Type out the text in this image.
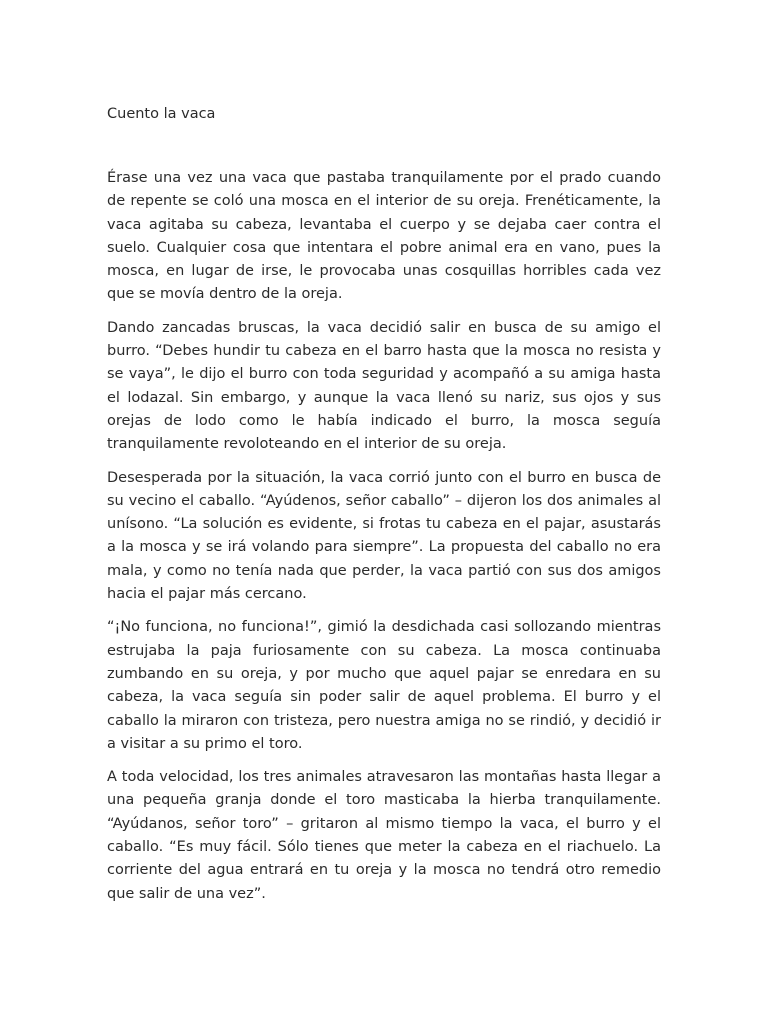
Cuento la vaca

Érase una vez una vaca que pastaba tranquilamente por el prado cuando de repente se coló una mosca en el interior de su oreja. Frenéticamente, la vaca agitaba su cabeza, levantaba el cuerpo y se dejaba caer contra el suelo. Cualquier cosa que intentara el pobre animal era en vano, pues la mosca, en lugar de irse, le provocaba unas cosquillas horribles cada vez que se movía dentro de la oreja.

Dando zancadas bruscas, la vaca decidió salir en busca de su amigo el burro. “Debes hundir tu cabeza en el barro hasta que la mosca no resista y se vaya”, le dijo el burro con toda seguridad y acompañó a su amiga hasta el lodazal. Sin embargo, y aunque la vaca llenó su nariz, sus ojos y sus orejas de lodo como le había indicado el burro, la mosca seguía tranquilamente revoloteando en el interior de su oreja.

Desesperada por la situación, la vaca corrió junto con el burro en busca de su vecino el caballo. “Ayúdenos, señor caballo” – dijeron los dos animales al unísono. “La solución es evidente, si frotas tu cabeza en el pajar, asustarás a la mosca y se irá volando para siempre”. La propuesta del caballo no era mala, y como no tenía nada que perder, la vaca partió con sus dos amigos hacia el pajar más cercano.

“¡No funciona, no funciona!”, gimió la desdichada casi sollozando mientras estrujaba la paja furiosamente con su cabeza. La mosca continuaba zumbando en su oreja, y por mucho que aquel pajar se enredara en su cabeza, la vaca seguía sin poder salir de aquel problema. El burro y el caballo la miraron con tristeza, pero nuestra amiga no se rindió, y decidió ir a visitar a su primo el toro.

A toda velocidad, los tres animales atravesaron las montañas hasta llegar a una pequeña granja donde el toro masticaba la hierba tranquilamente. “Ayúdanos, señor toro” – gritaron al mismo tiempo la vaca, el burro y el caballo. “Es muy fácil. Sólo tienes que meter la cabeza en el riachuelo. La corriente del agua entrará en tu oreja y la mosca no tendrá otro remedio que salir de una vez”.
